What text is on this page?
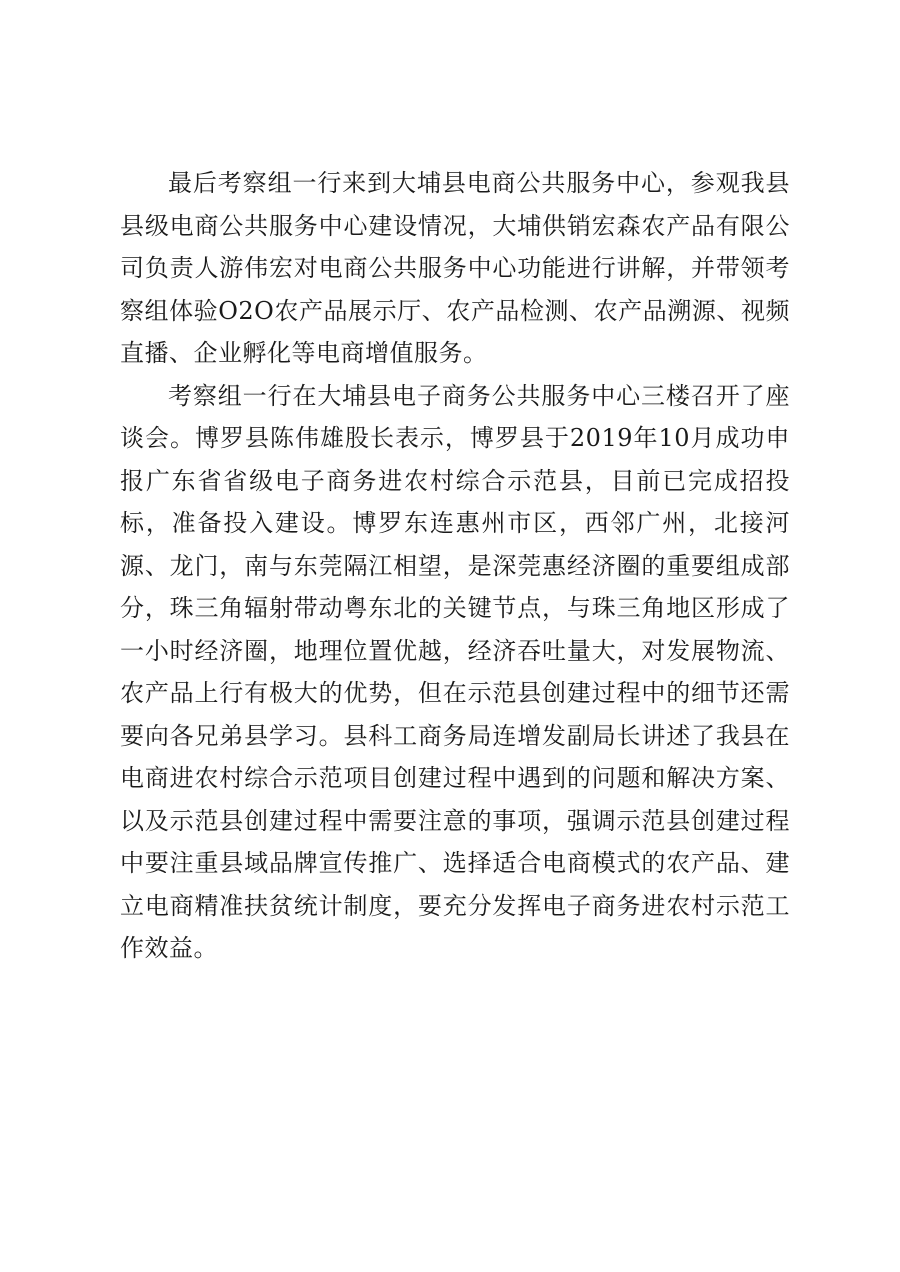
最后考察组一行来到大埔县电商公共服务中心，参观我县县级电商公共服务中心建设情况，大埔供销宏森农产品有限公司负责人游伟宏对电商公共服务中心功能进行讲解，并带领考察组体验O2O农产品展示厅、农产品检测、农产品溯源、视频直播、企业孵化等电商增值服务。

考察组一行在大埔县电子商务公共服务中心三楼召开了座谈会。博罗县陈伟雄股长表示，博罗县于2019年10月成功申报广东省省级电子商务进农村综合示范县，目前已完成招投标，准备投入建设。博罗东连惠州市区，西邻广州，北接河源、龙门，南与东莞隔江相望，是深莞惠经济圈的重要组成部分，珠三角辐射带动粤东北的关键节点，与珠三角地区形成了一小时经济圈，地理位置优越，经济吞吐量大，对发展物流、农产品上行有极大的优势，但在示范县创建过程中的细节还需要向各兄弟县学习。县科工商务局连增发副局长讲述了我县在电商进农村综合示范项目创建过程中遇到的问题和解决方案、以及示范县创建过程中需要注意的事项，强调示范县创建过程中要注重县域品牌宣传推广、选择适合电商模式的农产品、建立电商精准扶贫统计制度，要充分发挥电子商务进农村示范工作效益。
